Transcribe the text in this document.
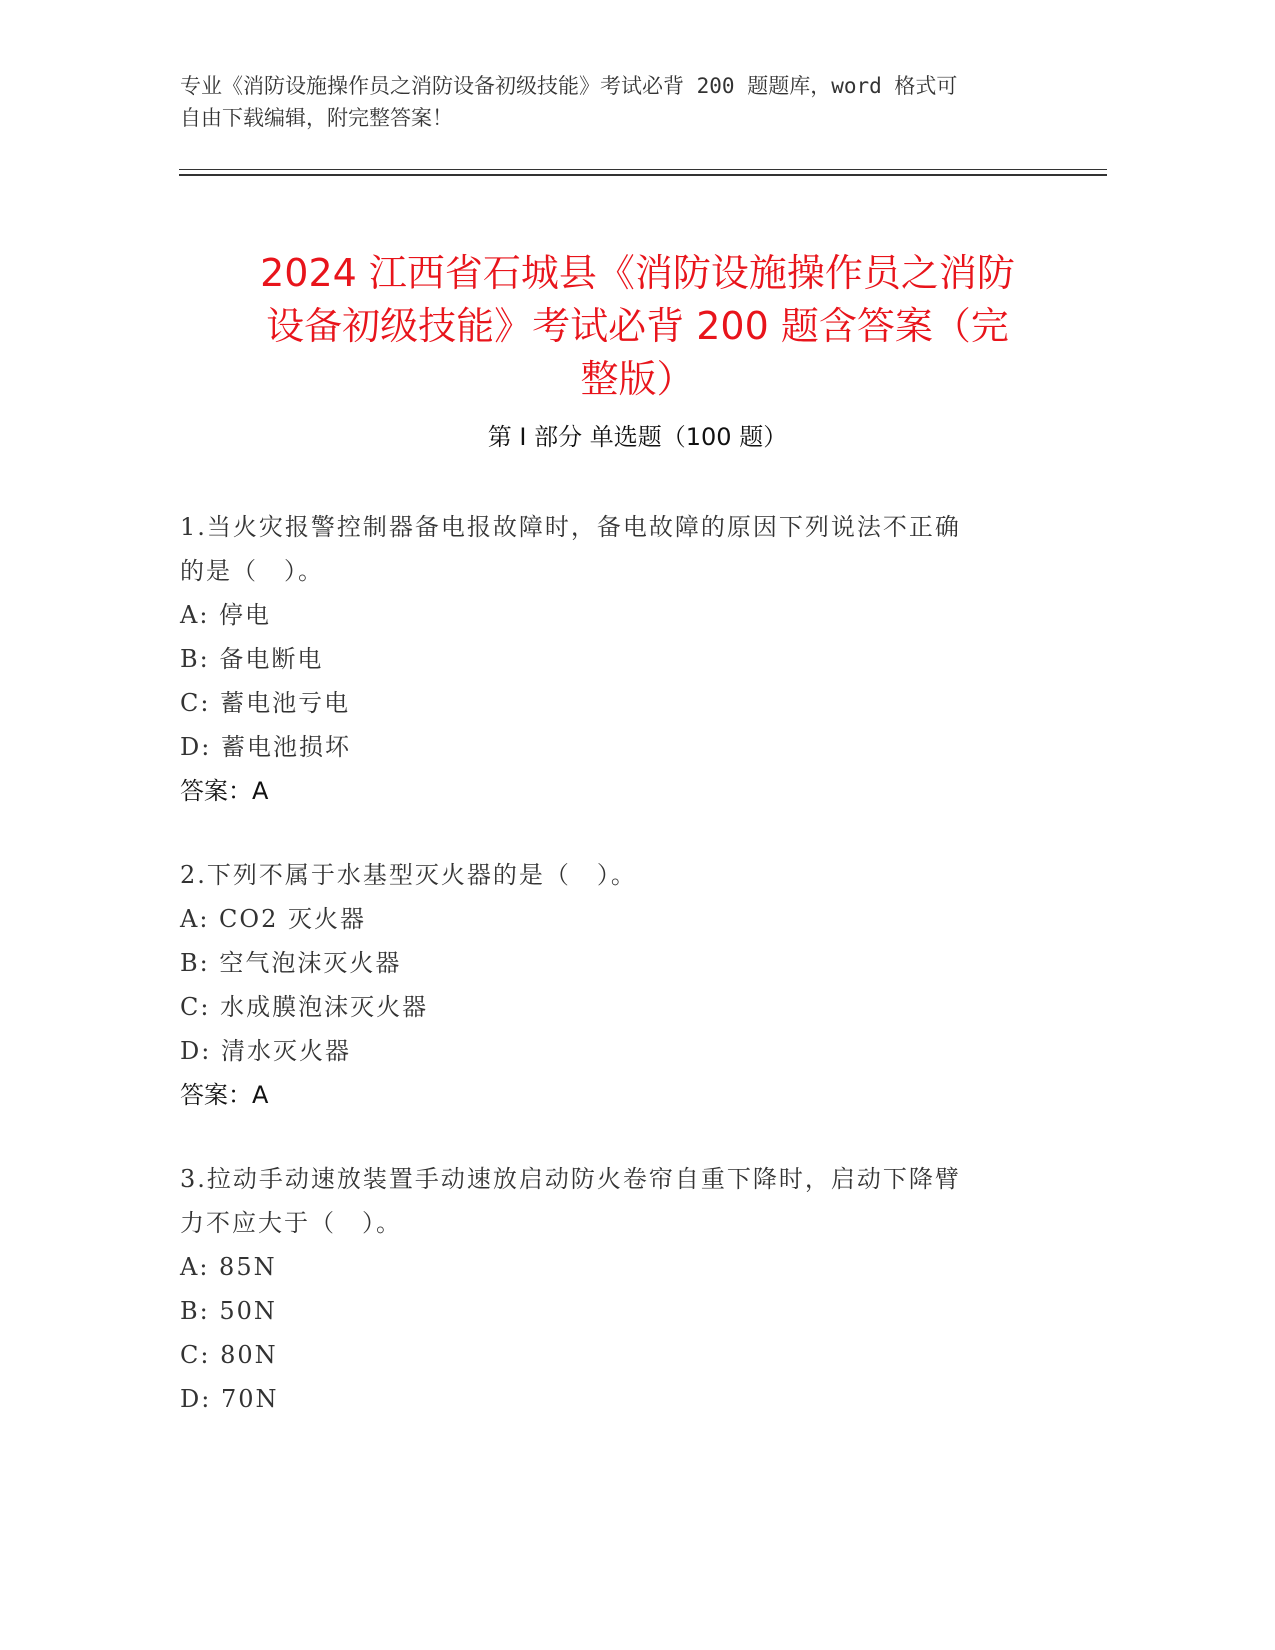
专业《消防设施操作员之消防设备初级技能》考试必背 200 题题库，word 格式可
自由下载编辑，附完整答案！
2024 江西省石城县《消防设施操作员之消防
设备初级技能》考试必背 200 题含答案（完
整版）
第 I 部分 单选题（100 题）
1.当火灾报警控制器备电报故障时，备电故障的原因下列说法不正确
的是（　）。
A: 停电
B: 备电断电
C: 蓄电池亏电
D: 蓄电池损坏
答案：A
2.下列不属于水基型灭火器的是（　）。
A: CO2 灭火器
B: 空气泡沫灭火器
C: 水成膜泡沫灭火器
D: 清水灭火器
答案：A
3.拉动手动速放装置手动速放启动防火卷帘自重下降时，启动下降臂
力不应大于（　）。
A: 85N
B: 50N
C: 80N
D: 70N
